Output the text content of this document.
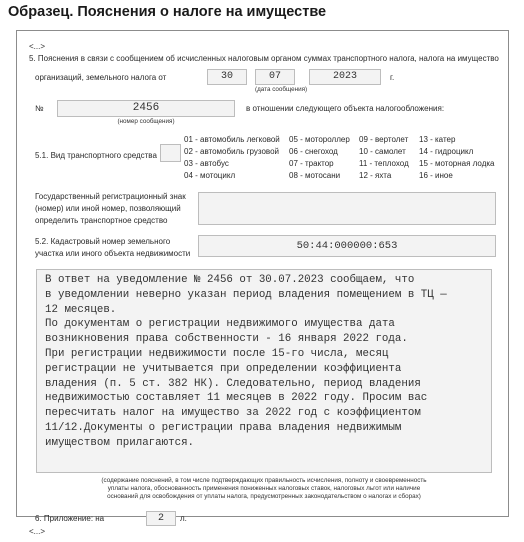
Образец. Пояснения о налоге на имуществе
<...>
5. Пояснения в связи с сообщением об исчисленных налоговым органом суммах транспортного налога, налога на имущество
организаций, земельного налога от	30	07	2023	г.
(дата сообщения)
№	2456
(номер сообщения)
в отношении следующего объекта налогообложения:
5.1. Вид транспортного средства
01 - автомобиль легковой 05 - мотороллер 09 - вертолет 13 - катер
02 - автомобиль грузовой 06 - снегоход	10 - самолет 14 - гидроцикл
03 - автобус	07 - трактор	11 - теплоход 15 - моторная лодка
04 - мотоцикл	08 - мотосани 12 - яхта	16 - иное
Государственный регистрационный знак
(номер) или иной номер, позволяющий
определить транспортное средство
5.2. Кадастровый номер земельного
участка или иного объекта недвижимости
50:44:000000:653
В ответ на уведомление № 2456 от 30.07.2023 сообщаем, что
в уведомлении неверно указан период владения помещением в ТЦ —
12 месяцев.
По документам о регистрации недвижимого имущества дата
возникновения права собственности - 16 января 2022 года.
При регистрации недвижимости после 15-го числа, месяц
регистрации не учитывается при определении коэффициента
владения (п. 5 ст. 382 НК). Следовательно, период владения
недвижимостью составляет 11 месяцев в 2022 году. Просим вас
пересчитать налог на имущество за 2022 год с коэффициентом
11/12.Документы о регистрации права владения недвижимым
имуществом прилагаются.
(содержание пояснений, в том числе подтверждающих правильность исчисления, полноту и своевременность
уплаты налога, обоснованность применения пониженных налоговых ставок, налоговых льгот или наличие
оснований для освобождения от уплаты налога, предусмотренных законодательством о налогах и сборах)
6. Приложение: на	2	л.
<...>
